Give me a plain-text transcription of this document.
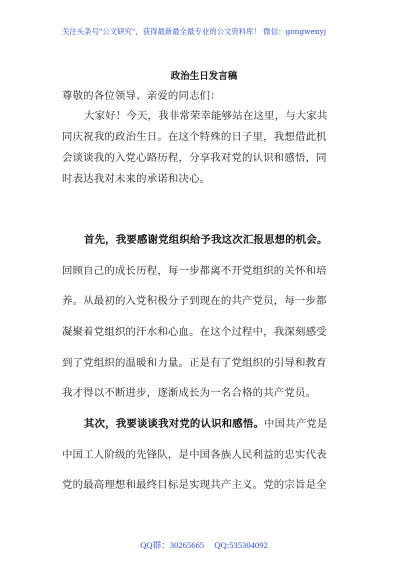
关注头条号"公文研究"，获得最新最全最专业的公文资料库！ 微信：gongwenyj
政治生日发言稿
尊敬的各位领导、亲爱的同志们：
大家好！今天，我非常荣幸能够站在这里，与大家共
同庆祝我的政治生日。在这个特殊的日子里，我想借此机
会谈谈我的入党心路历程，分享我对党的认识和感悟，同
时表达我对未来的承诺和决心。
首先，我要感谢党组织给予我这次汇报思想的机会。
回顾自己的成长历程，每一步都离不开党组织的关怀和培
养。从最初的入党积极分子到现在的共产党员，每一步都
凝聚着党组织的汗水和心血。在这个过程中，我深刻感受
到了党组织的温暖和力量。正是有了党组织的引导和教育
我才得以不断进步，逐渐成长为一名合格的共产党员。
其次，我要谈谈我对党的认识和感悟。中国共产党是
中国工人阶级的先锋队，是中国各族人民利益的忠实代表
党的最高理想和最终目标是实现共产主义。党的宗旨是全
QQ群：30265665 QQ:535304092
